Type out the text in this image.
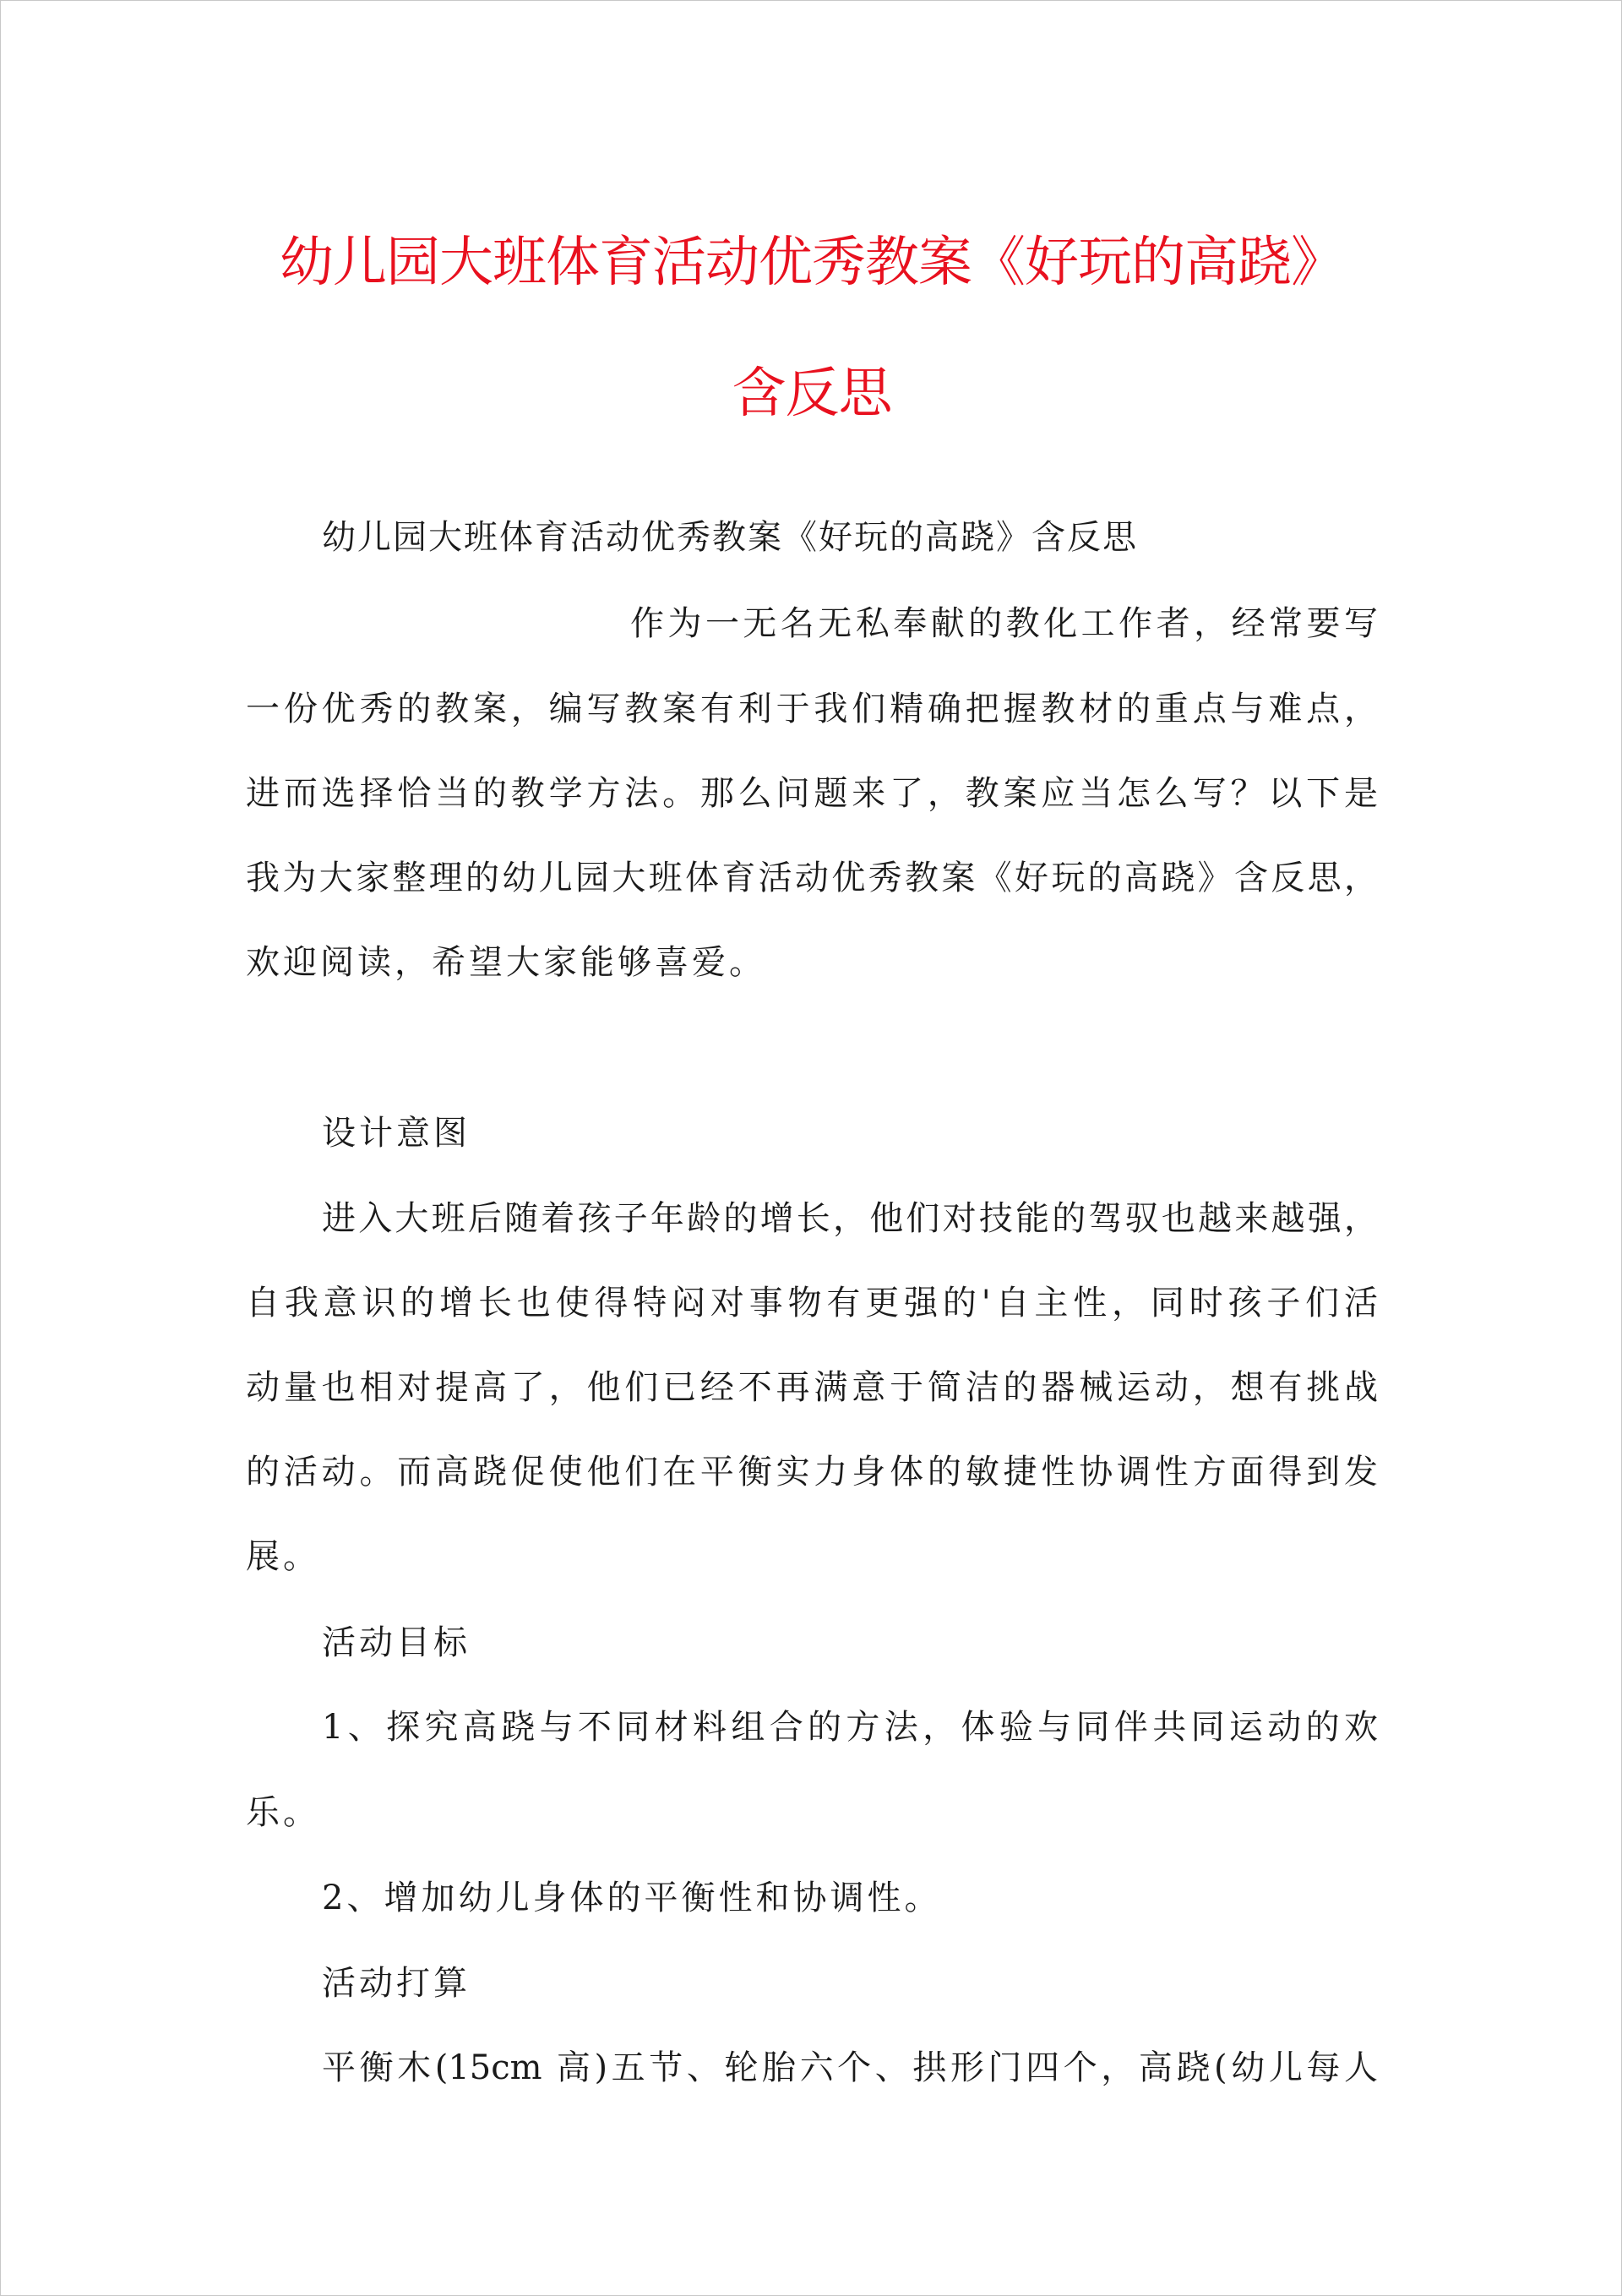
幼儿园大班体育活动优秀教案《好玩的高跷》
含反思
幼儿园大班体育活动优秀教案《好玩的高跷》含反思
作为一无名无私奉献的教化工作者，经常要写
一份优秀的教案，编写教案有利于我们精确把握教材的重点与难点，
进而选择恰当的教学方法。那么问题来了，教案应当怎么写？以下是
我为大家整理的幼儿园大班体育活动优秀教案《好玩的高跷》含反思，
欢迎阅读，希望大家能够喜爱。
设计意图
进入大班后随着孩子年龄的增长，他们对技能的驾驭也越来越强，
自我意识的增长也使得特闷对事物有更强的'自主性，同时孩子们活
动量也相对提高了，他们已经不再满意于简洁的器械运动，想有挑战
的活动。而高跷促使他们在平衡实力身体的敏捷性协调性方面得到发
展。
活动目标
1、探究高跷与不同材料组合的方法，体验与同伴共同运动的欢
乐。
2、增加幼儿身体的平衡性和协调性。
活动打算
平衡木(15cm 高)五节、轮胎六个、拱形门四个，高跷(幼儿每人
